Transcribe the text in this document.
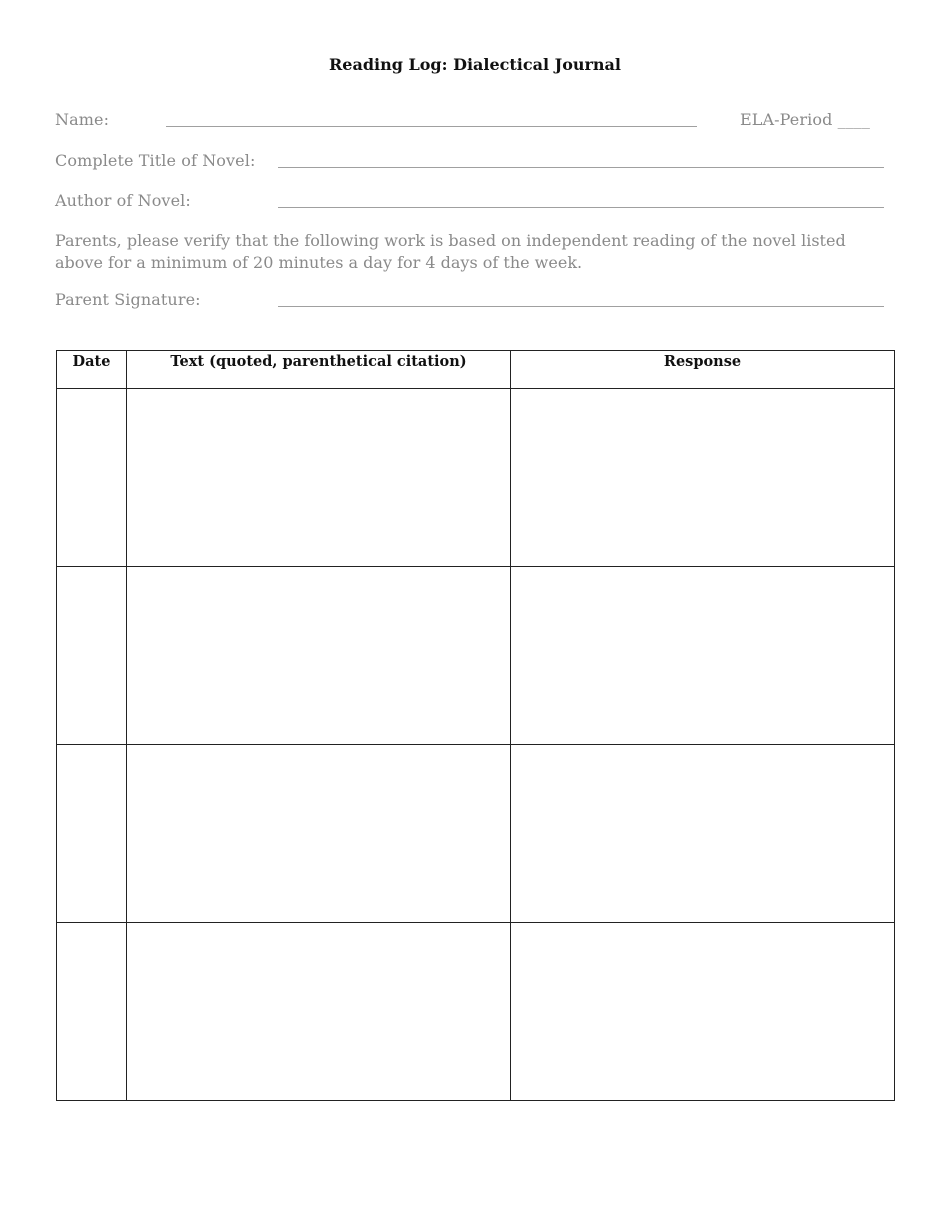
Reading Log: Dialectical Journal
Name:	ELA-Period ____
Complete Title of Novel:
Author of Novel:
Parents, please verify that the following work is based on independent reading of the novel listed above for a minimum of 20 minutes a day for 4 days of the week.
Parent Signature:
Date	Text (quoted, parenthetical citation)	Response
